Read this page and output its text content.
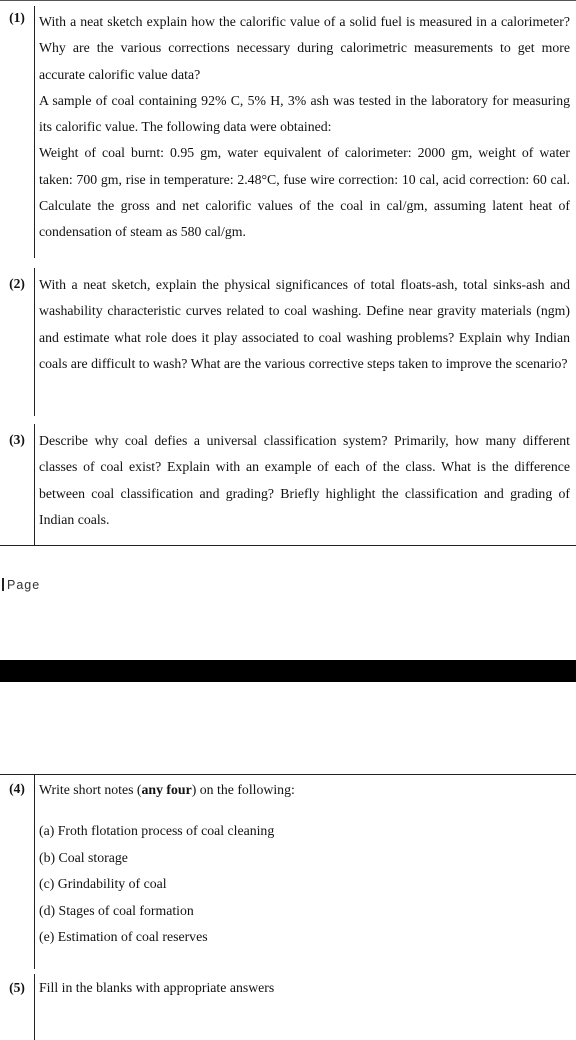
(1)	With a neat sketch explain how the calorific value of a solid fuel is measured in a calorimeter? Why are the various corrections necessary during calorimetric measurements to get more accurate calorific value data?
A sample of coal containing 92% C, 5% H, 3% ash was tested in the laboratory for measuring its calorific value. The following data were obtained:
Weight of coal burnt: 0.95 gm, water equivalent of calorimeter: 2000 gm, weight of water taken: 700 gm, rise in temperature: 2.48°C, fuse wire correction: 10 cal, acid correction: 60 cal. Calculate the gross and net calorific values of the coal in cal/gm, assuming latent heat of condensation of steam as 580 cal/gm.
(2)	With a neat sketch, explain the physical significances of total floats-ash, total sinks-ash and washability characteristic curves related to coal washing. Define near gravity materials (ngm) and estimate what role does it play associated to coal washing problems? Explain why Indian coals are difficult to wash? What are the various corrective steps taken to improve the scenario?
(3)	Describe why coal defies a universal classification system? Primarily, how many different classes of coal exist? Explain with an example of each of the class. What is the difference between coal classification and grading? Briefly highlight the classification and grading of Indian coals.
Page
(4)	Write short notes (any four) on the following:
(a) Froth flotation process of coal cleaning
(b) Coal storage
(c) Grindability of coal
(d) Stages of coal formation
(e) Estimation of coal reserves
(5)	Fill in the blanks with appropriate answers
